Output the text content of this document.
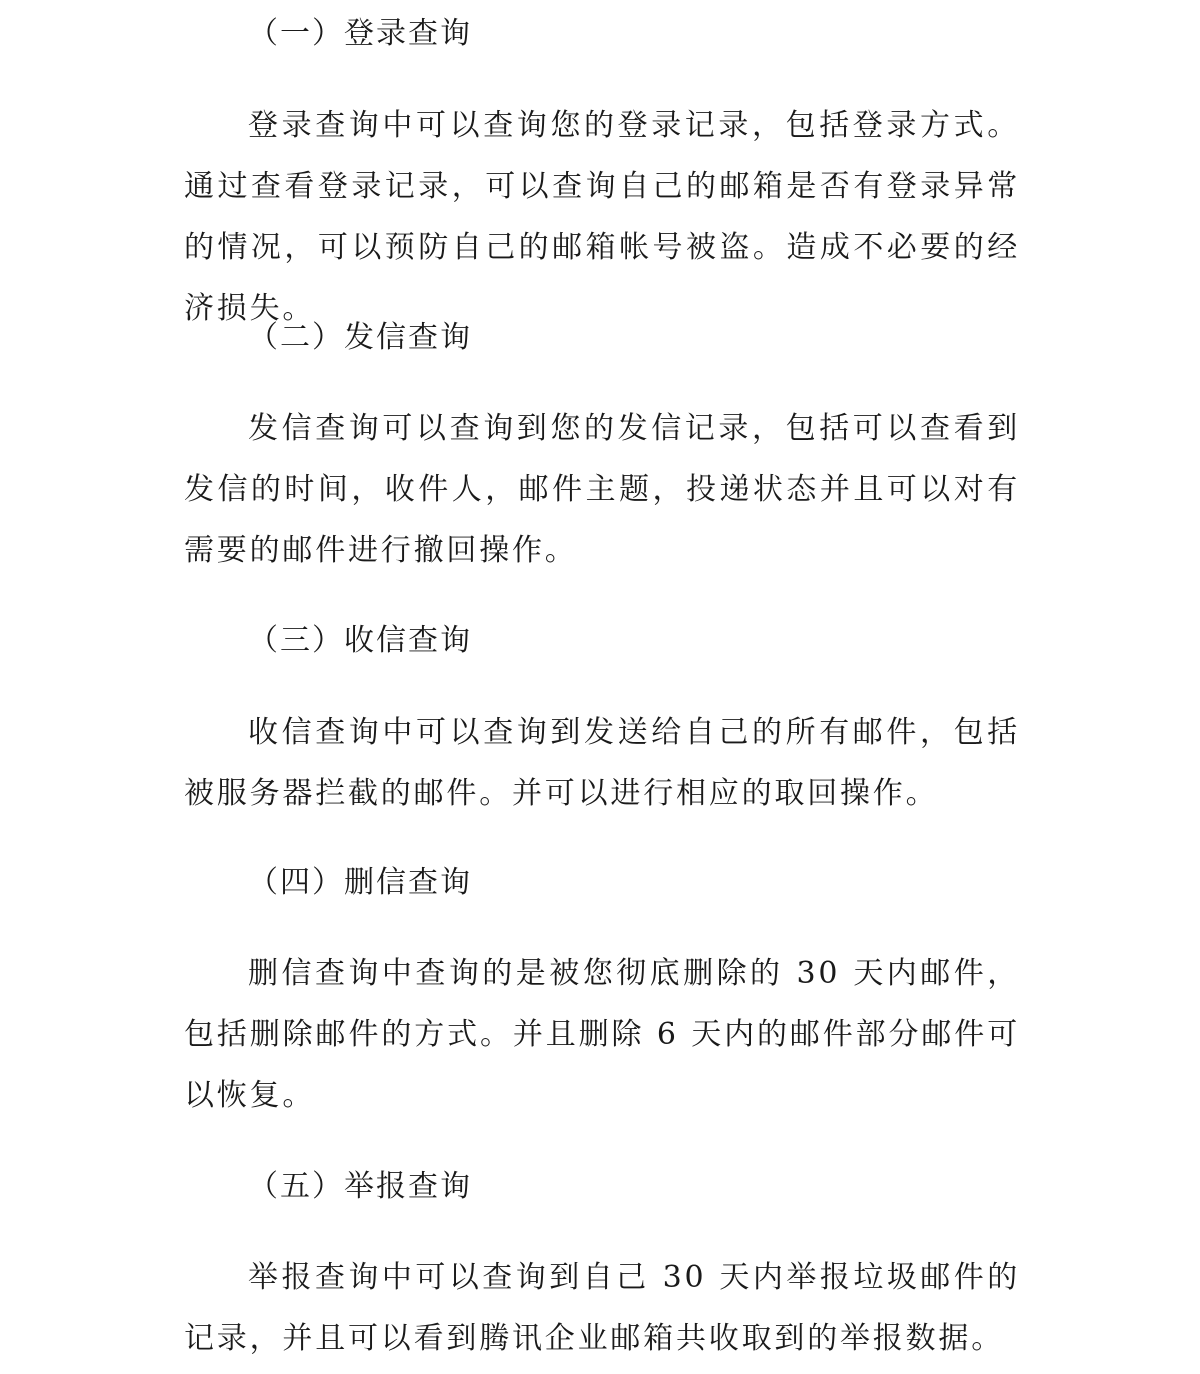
（一）登录查询

登录查询中可以查询您的登录记录，包括登录方式。通过查看登录记录，可以查询自己的邮箱是否有登录异常的情况，可以预防自己的邮箱帐号被盗。造成不必要的经济损失。

（二）发信查询

发信查询可以查询到您的发信记录，包括可以查看到发信的时间，收件人，邮件主题，投递状态并且可以对有需要的邮件进行撤回操作。

（三）收信查询

收信查询中可以查询到发送给自己的所有邮件，包括被服务器拦截的邮件。并可以进行相应的取回操作。

（四）删信查询

删信查询中查询的是被您彻底删除的 30 天内邮件，包括删除邮件的方式。并且删除 6 天内的邮件部分邮件可以恢复。

（五）举报查询

举报查询中可以查询到自己 30 天内举报垃圾邮件的记录，并且可以看到腾讯企业邮箱共收取到的举报数据。
